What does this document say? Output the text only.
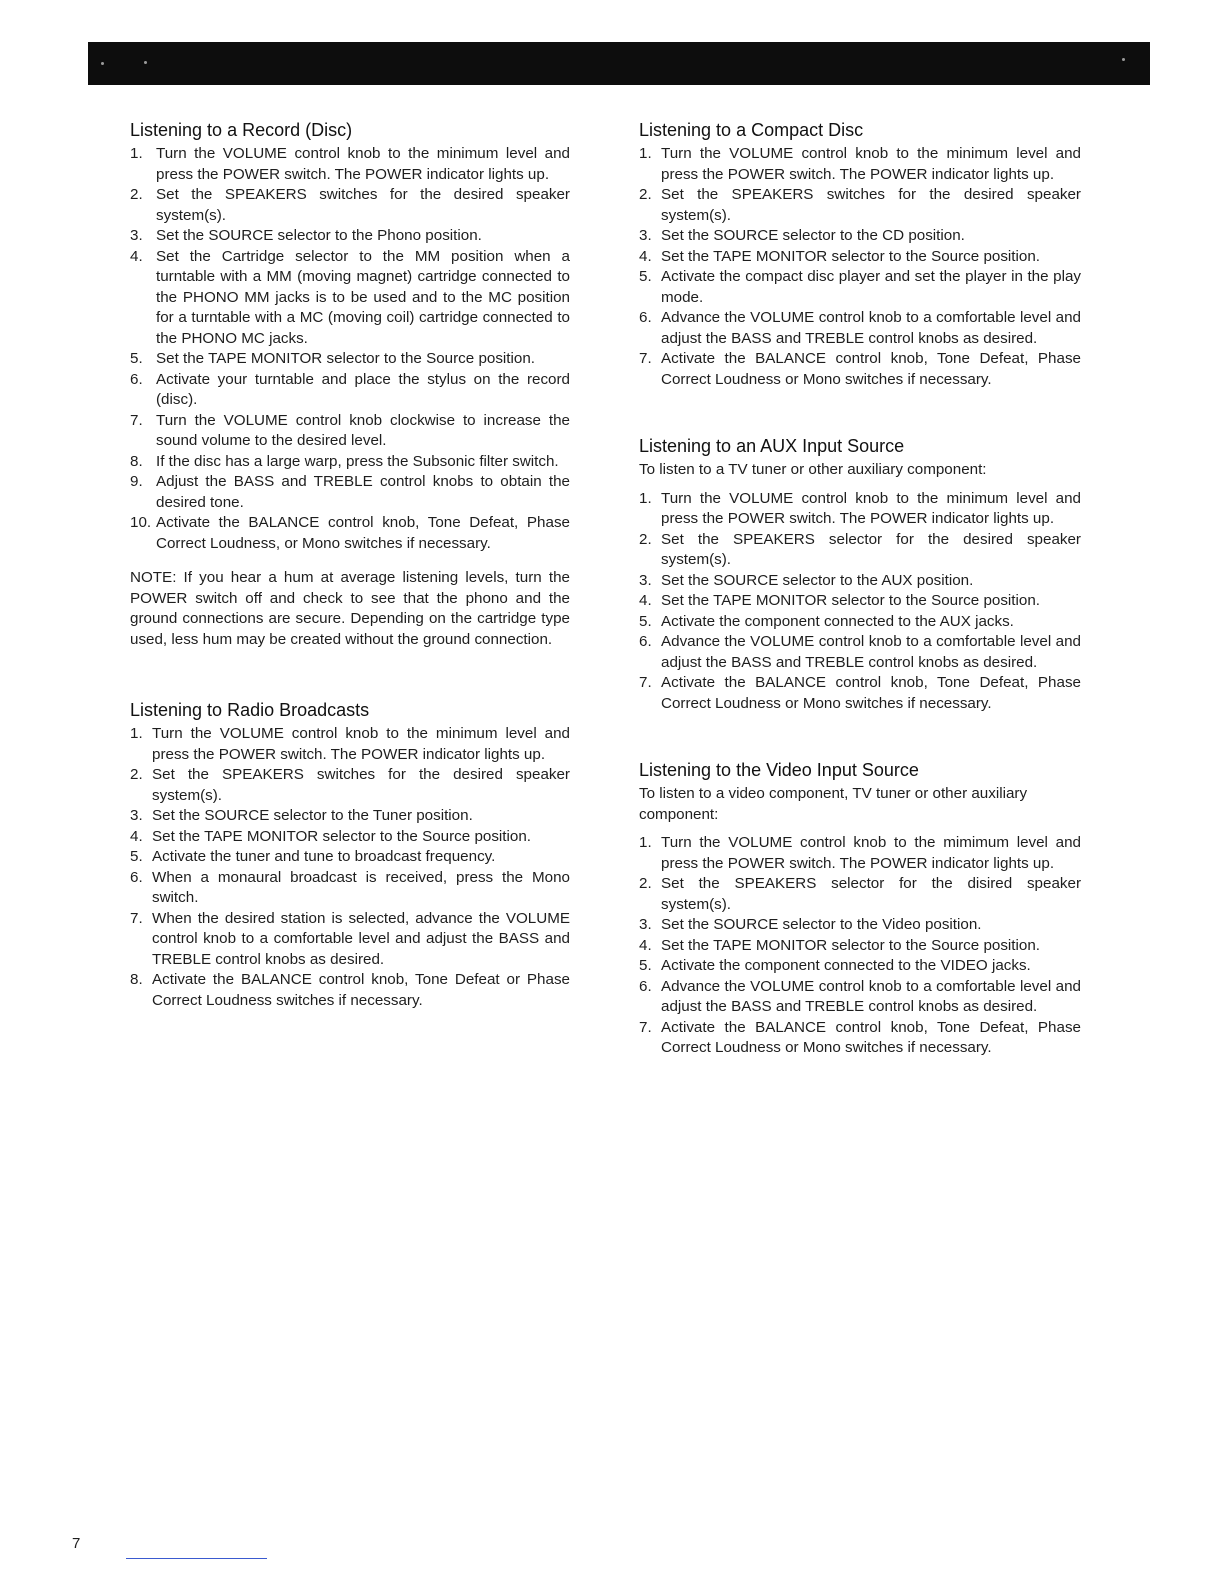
Listening to a Record (Disc)
1. Turn the VOLUME control knob to the minimum level and press the POWER switch. The POWER indicator lights up.
2. Set the SPEAKERS switches for the desired speaker system(s).
3. Set the SOURCE selector to the Phono position.
4. Set the Cartridge selector to the MM position when a turntable with a MM (moving magnet) cartridge connected to the PHONO MM jacks is to be used and to the MC position for a turntable with a MC (moving coil) cartridge connected to the PHONO MC jacks.
5. Set the TAPE MONITOR selector to the Source position.
6. Activate your turntable and place the stylus on the record (disc).
7. Turn the VOLUME control knob clockwise to increase the sound volume to the desired level.
8. If the disc has a large warp, press the Subsonic filter switch.
9. Adjust the BASS and TREBLE control knobs to obtain the desired tone.
10. Activate the BALANCE control knob, Tone Defeat, Phase Correct Loudness, or Mono switches if necessary.

NOTE: If you hear a hum at average listening levels, turn the POWER switch off and check to see that the phono and the ground connections are secure. Depending on the cartridge type used, less hum may be created without the ground connection.

Listening to Radio Broadcasts
1. Turn the VOLUME control knob to the minimum level and press the POWER switch. The POWER indicator lights up.
2. Set the SPEAKERS switches for the desired speaker system(s).
3. Set the SOURCE selector to the Tuner position.
4. Set the TAPE MONITOR selector to the Source position.
5. Activate the tuner and tune to broadcast frequency.
6. When a monaural broadcast is received, press the Mono switch.
7. When the desired station is selected, advance the VOLUME control knob to a comfortable level and adjust the BASS and TREBLE control knobs as desired.
8. Activate the BALANCE control knob, Tone Defeat or Phase Correct Loudness switches if necessary.
Listening to a Compact Disc
1. Turn the VOLUME control knob to the minimum level and press the POWER switch. The POWER indicator lights up.
2. Set the SPEAKERS switches for the desired speaker system(s).
3. Set the SOURCE selector to the CD position.
4. Set the TAPE MONITOR selector to the Source position.
5. Activate the compact disc player and set the player in the play mode.
6. Advance the VOLUME control knob to a comfortable level and adjust the BASS and TREBLE control knobs as desired.
7. Activate the BALANCE control knob, Tone Defeat, Phase Correct Loudness or Mono switches if necessary.
Listening to an AUX Input Source

To listen to a TV tuner or other auxiliary component:

1. Turn the VOLUME control knob to the minimum level and press the POWER switch. The POWER indicator lights up.
2. Set the SPEAKERS selector for the desired speaker system(s).
3. Set the SOURCE selector to the AUX position.
4. Set the TAPE MONITOR selector to the Source position.
5. Activate the component connected to the AUX jacks.
6. Advance the VOLUME control knob to a comfortable level and adjust the BASS and TREBLE control knobs as desired.
7. Activate the BALANCE control knob, Tone Defeat, Phase Correct Loudness or Mono switches if necessary.
Listening to the Video Input Source

To listen to a video component, TV tuner or other auxiliary component:

1. Turn the VOLUME control knob to the mimimum level and press the POWER switch. The POWER indicator lights up.
2. Set the SPEAKERS selector for the disired speaker system(s).
3. Set the SOURCE selector to the Video position.
4. Set the TAPE MONITOR selector to the Source position.
5. Activate the component connected to the VIDEO jacks.
6. Advance the VOLUME control knob to a comfortable level and adjust the BASS and TREBLE control knobs as desired.
7. Activate the BALANCE control knob, Tone Defeat, Phase Correct Loudness or Mono switches if necessary.
7
